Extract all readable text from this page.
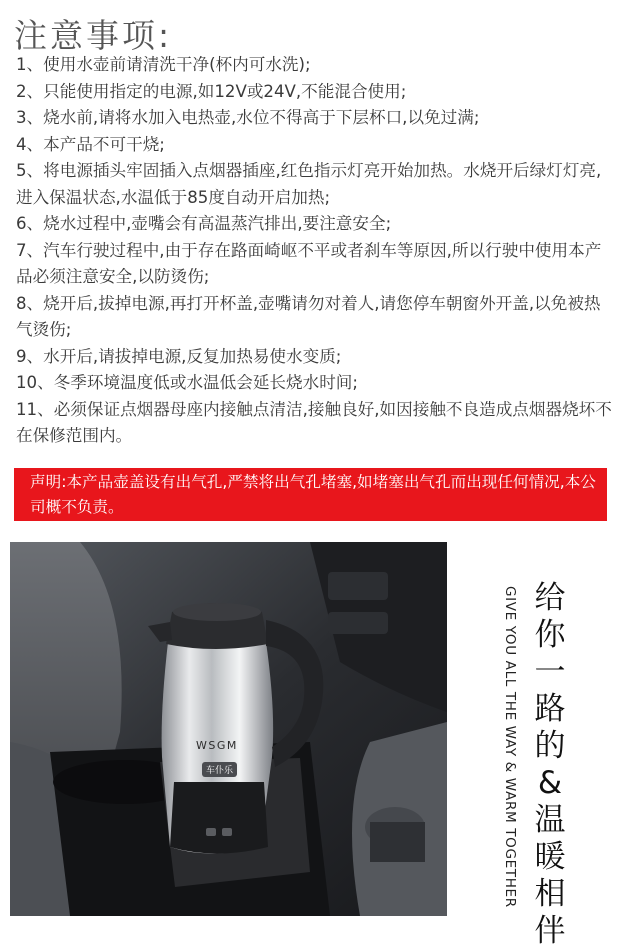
注意事项:

1、使用水壶前请清洗干净(杯内可水洗);

2、只能使用指定的电源,如12V或24V,不能混合使用;

3、烧水前,请将水加入电热壶,水位不得高于下层杯口,以免过满;

4、本产品不可干烧;

5、将电源插头牢固插入点烟器插座,红色指示灯亮开始加热。水烧开后绿灯灯亮,进入保温状态,水温低于85度自动开启加热;

6、烧水过程中,壶嘴会有高温蒸汽排出,要注意安全;

7、汽车行驶过程中,由于存在路面崎岖不平或者刹车等原因,所以行驶中使用本产品必须注意安全,以防烫伤;

8、烧开后,拔掉电源,再打开杯盖,壶嘴请勿对着人,请您停车朝窗外开盖,以免被热气烫伤;

9、水开后,请拔掉电源,反复加热易使水变质;

10、冬季环境温度低或水温低会延长烧水时间;

11、必须保证点烟器母座内接触点清洁,接触良好,如因接触不良造成点烟器烧坏不在保修范围内。

声明:本产品壶盖设有出气孔,严禁将出气孔堵塞,如堵塞出气孔而出现任何情况,本公司概不负责。
WSGM
车仆乐	GIVE YOU ALL THE WAY & WARM TOGETHER 给
你
一
路
的
&
温
暖
相
伴
